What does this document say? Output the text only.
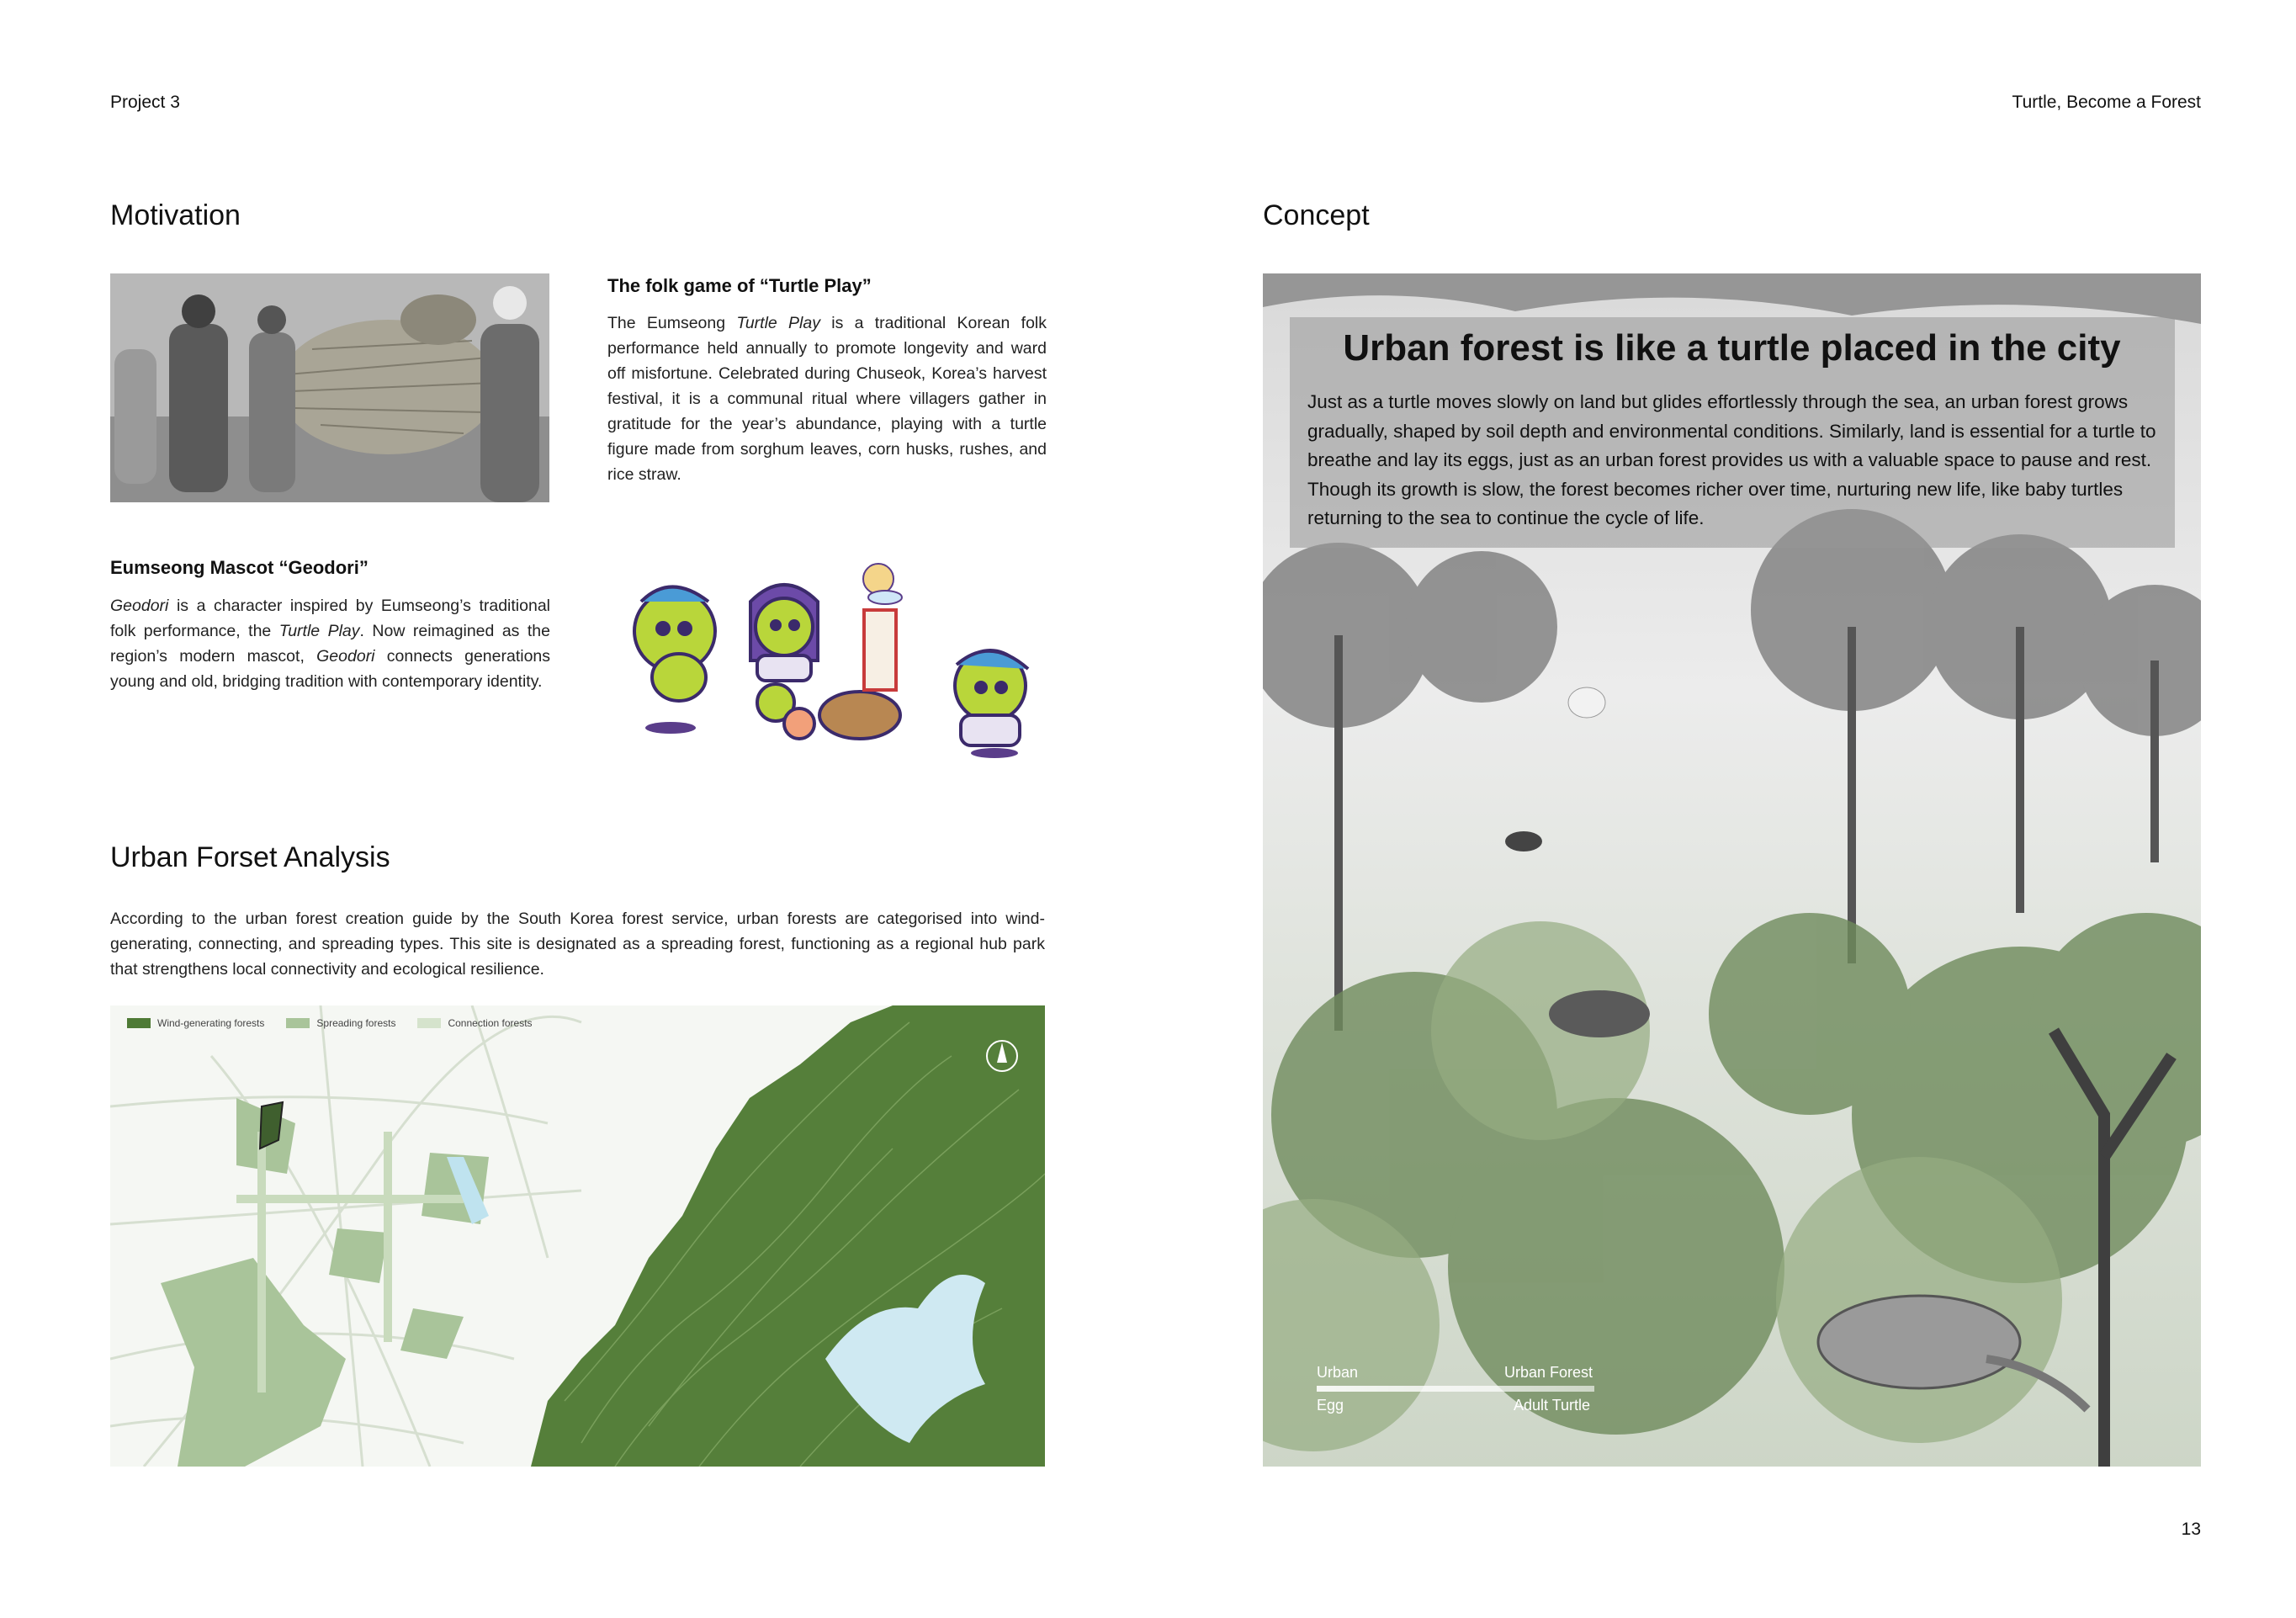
Project 3	Turtle, Become a Forest
Motivation
The folk game of “Turtle Play”
The Eumseong Turtle Play is a traditional Korean folk performance held annually to promote longevity and ward off misfortune. Celebrated during Chuseok, Korea’s harvest festival, it is a communal ritual where villagers gather in gratitude for the year’s abundance, playing with a turtle figure made from sorghum leaves, corn husks, rushes, and rice straw.
Eumseong Mascot “Geodori”
Geodori is a character inspired by Eumseong’s traditional folk performance, the Turtle Play. Now reimagined as the region’s modern mascot, Geodori connects generations young and old, bridging tradition with contemporary identity.
Urban Forset Analysis
According to the urban forest creation guide by the South Korea forest service, urban forests are categorised into wind-generating, connecting, and spreading types. This site is designated as a spreading forest, functioning as a regional hub park that strengthens local connectivity and ecological resilience.
Wind-generating forests	Spreading forests	Connection forests
Concept
Urban forest is like a turtle placed in the city
Just as a turtle moves slowly on land but glides effortlessly through the sea, an urban forest grows gradually, shaped by soil depth and environmental conditions. Similarly, land is essential for a turtle to breathe and lay its eggs, just as an urban forest provides us with a valuable space to pause and rest. Though its growth is slow, the forest becomes richer over time, nurturing new life, like baby turtles returning to the sea to continue the cycle of life.
Urban	Urban Forest
Egg	Adult Turtle
13
